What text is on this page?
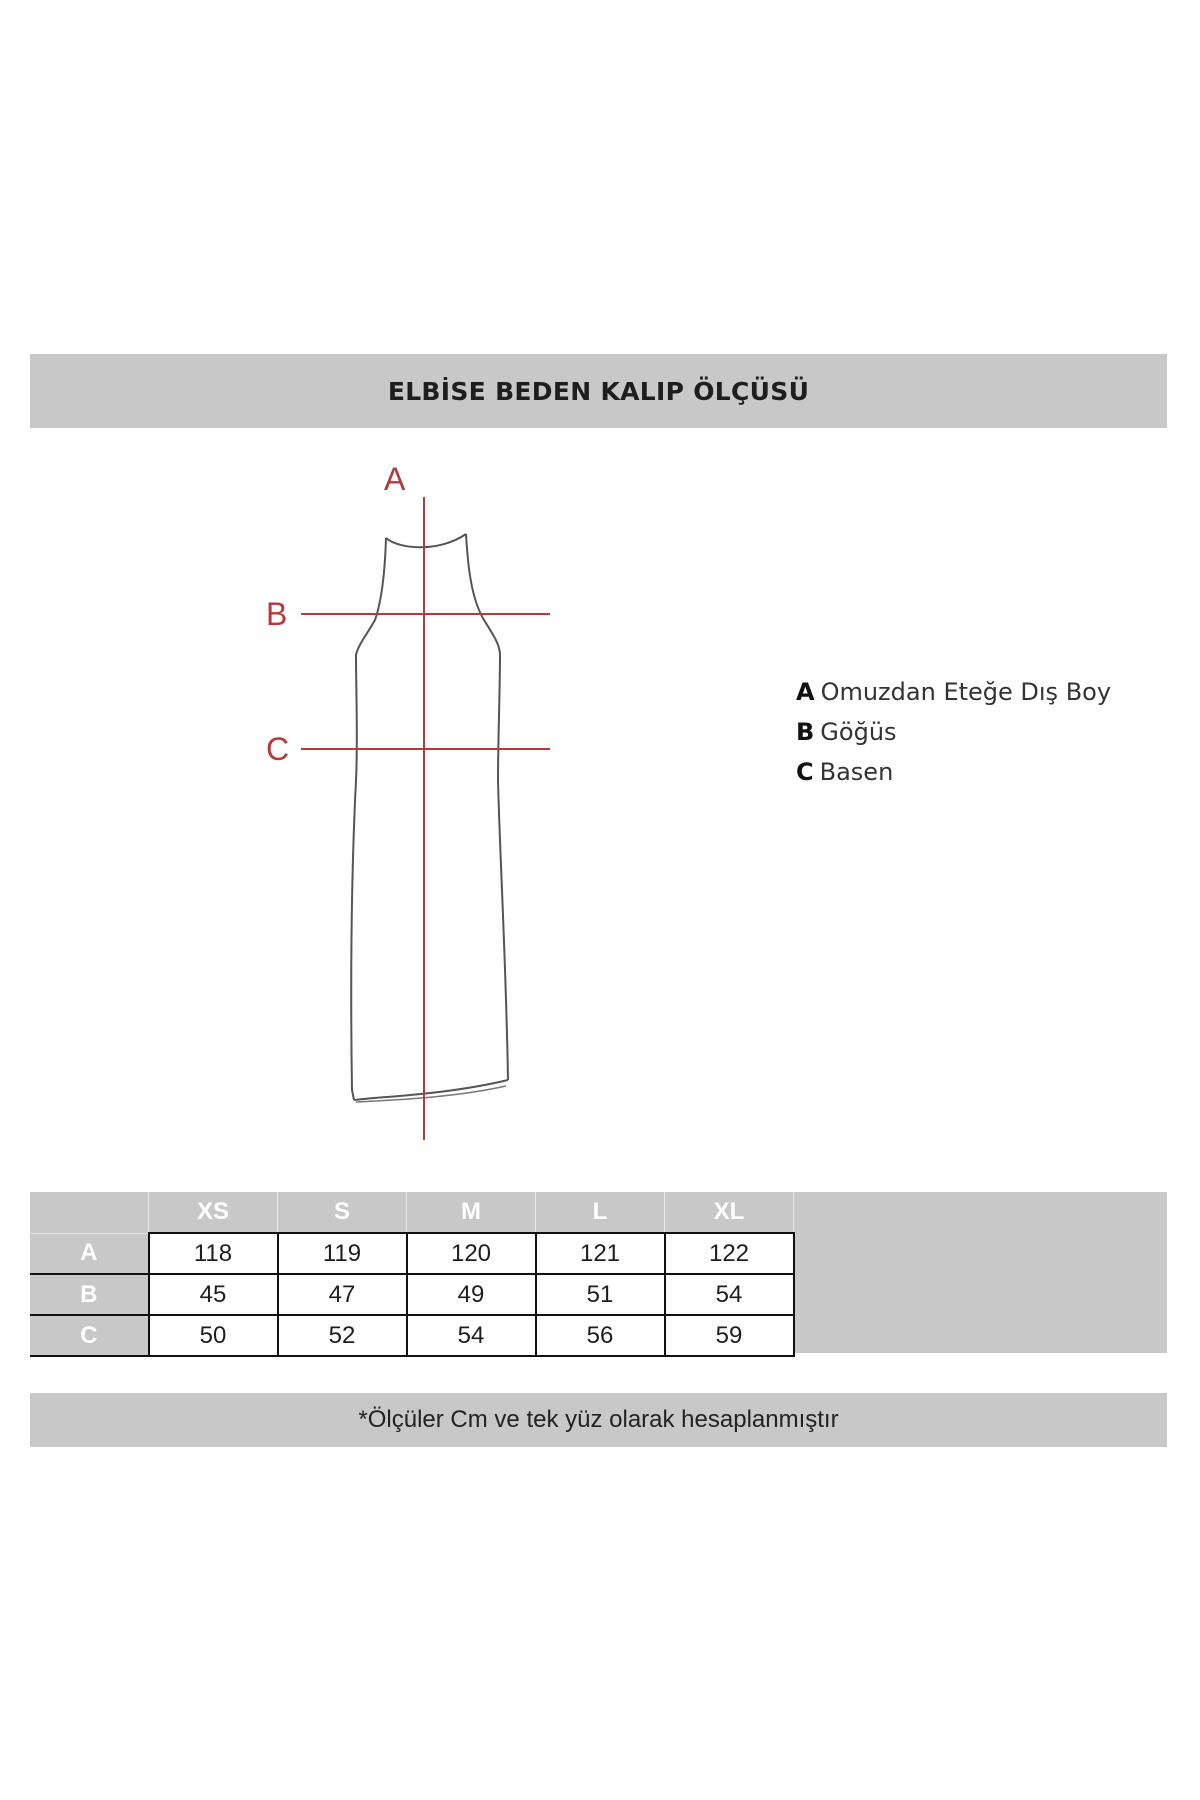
ELBİSE BEDEN KALIP ÖLÇÜSÜ
A
B
C
A Omuzdan Eteğe Dış Boy
B Göğüs
C Basen
	XS	S	M	L	XL
A	118	119	120	121	122
B	45	47	49	51	54
C	50	52	54	56	59
*Ölçüler Cm ve tek yüz olarak hesaplanmıştır
